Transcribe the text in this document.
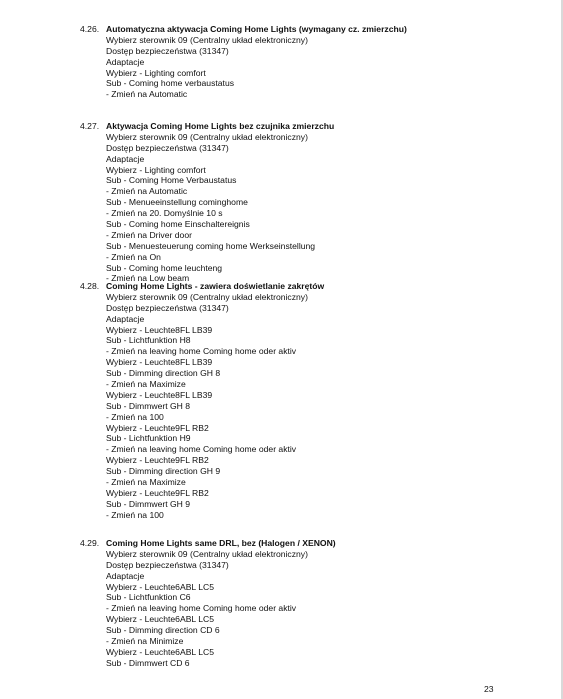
4.26. Automatyczna aktywacja Coming Home Lights (wymagany cz. zmierzchu)
Wybierz sterownik 09 (Centralny układ elektroniczny)
Dostęp bezpieczeństwa (31347)
Adaptacje
Wybierz - Lighting comfort
Sub - Coming home verbaustatus
- Zmień na Automatic
4.27. Aktywacja Coming Home Lights bez czujnika zmierzchu
Wybierz sterownik 09 (Centralny układ elektroniczny)
Dostęp bezpieczeństwa (31347)
Adaptacje
Wybierz - Lighting comfort
Sub - Coming Home Verbaustatus
- Zmień na Automatic
Sub - Menueeinstellung cominghome
- Zmień na 20. Domyślnie 10 s
Sub - Coming home Einschaltereignis
- Zmień na Driver door
Sub - Menuesteuerung coming home Werkseinstellung
- Zmień na On
Sub - Coming home leuchteng
- Zmień na Low beam
4.28. Coming Home Lights - zawiera doświetlanie zakrętów
Wybierz sterownik 09 (Centralny układ elektroniczny)
Dostęp bezpieczeństwa (31347)
Adaptacje
Wybierz - Leuchte8FL LB39
Sub - Lichtfunktion H8
- Zmień na leaving home Coming home oder aktiv
Wybierz - Leuchte8FL LB39
Sub - Dimming direction GH 8
- Zmień na Maximize
Wybierz - Leuchte8FL LB39
Sub - Dimmwert GH 8
- Zmień na 100
Wybierz - Leuchte9FL RB2
Sub - Lichtfunktion H9
- Zmień na leaving home Coming home oder aktiv
Wybierz - Leuchte9FL RB2
Sub - Dimming direction GH 9
- Zmień na Maximize
Wybierz - Leuchte9FL RB2
Sub - Dimmwert GH 9
- Zmień na 100
4.29. Coming Home Lights same DRL, bez (Halogen / XENON)
Wybierz sterownik 09 (Centralny układ elektroniczny)
Dostęp bezpieczeństwa (31347)
Adaptacje
Wybierz - Leuchte6ABL LC5
Sub - Lichtfunktion C6
- Zmień na leaving home Coming home oder aktiv
Wybierz - Leuchte6ABL LC5
Sub - Dimming direction CD 6
- Zmień na Minimize
Wybierz - Leuchte6ABL LC5
Sub - Dimmwert CD 6
23
